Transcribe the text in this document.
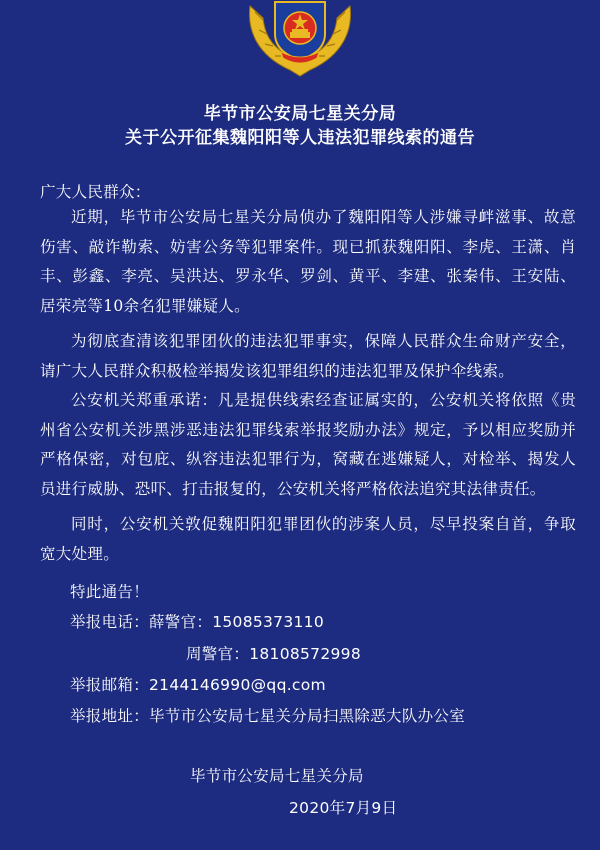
毕节市公安局七星关分局
关于公开征集魏阳阳等人违法犯罪线索的通告
广大人民群众：
近期，毕节市公安局七星关分局侦办了魏阳阳等人涉嫌寻衅滋事、故意伤害、敲诈勒索、妨害公务等犯罪案件。现已抓获魏阳阳、李虎、王潇、肖丰、彭鑫、李亮、吴洪达、罗永华、罗剑、黄平、李建、张秦伟、王安陆、居荣亮等10余名犯罪嫌疑人。
为彻底查清该犯罪团伙的违法犯罪事实，保障人民群众生命财产安全，请广大人民群众积极检举揭发该犯罪组织的违法犯罪及保护伞线索。
公安机关郑重承诺：凡是提供线索经查证属实的，公安机关将依照《贵州省公安机关涉黑涉恶违法犯罪线索举报奖励办法》规定，予以相应奖励并严格保密，对包庇、纵容违法犯罪行为，窝藏在逃嫌疑人，对检举、揭发人员进行威胁、恐吓、打击报复的，公安机关将严格依法追究其法律责任。
同时，公安机关敦促魏阳阳犯罪团伙的涉案人员，尽早投案自首，争取宽大处理。
特此通告！
举报电话：薛警官：15085373110
周警官：18108572998
举报邮箱：2144146990@qq.com
举报地址：毕节市公安局七星关分局扫黑除恶大队办公室
毕节市公安局七星关分局
2020年7月9日
